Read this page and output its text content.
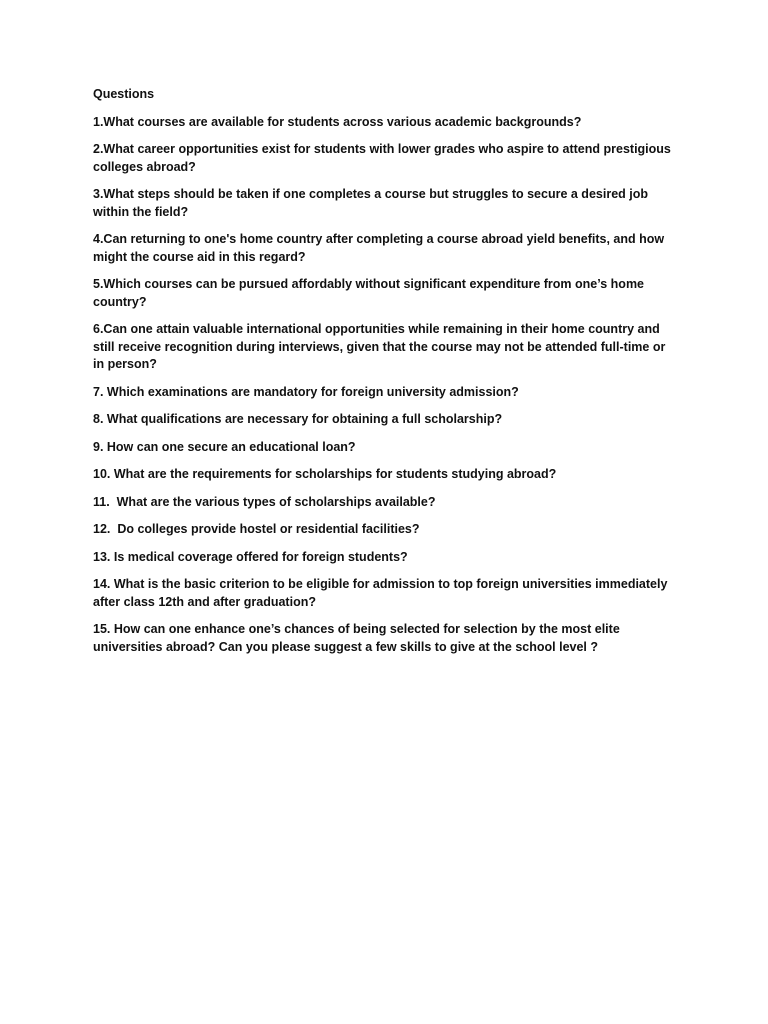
Questions

1.What courses are available for students across various academic backgrounds?

2.What career opportunities exist for students with lower grades who aspire to attend prestigious colleges abroad?

3.What steps should be taken if one completes a course but struggles to secure a desired job within the field?

4.Can returning to one's home country after completing a course abroad yield benefits, and how might the course aid in this regard?

5.Which courses can be pursued affordably without significant expenditure from one’s home country?

6.Can one attain valuable international opportunities while remaining in their home country and still receive recognition during interviews, given that the course may not be attended full-time or in person?

7. Which examinations are mandatory for foreign university admission?

8. What qualifications are necessary for obtaining a full scholarship?

9. How can one secure an educational loan?

10. What are the requirements for scholarships for students studying abroad?

11.  What are the various types of scholarships available?

12.  Do colleges provide hostel or residential facilities?

13. Is medical coverage offered for foreign students?

14. What is the basic criterion to be eligible for admission to top foreign universities immediately after class 12th and after graduation?

15. How can one enhance one’s chances of being selected for selection by the most elite universities abroad? Can you please suggest a few skills to give at the school level ?
